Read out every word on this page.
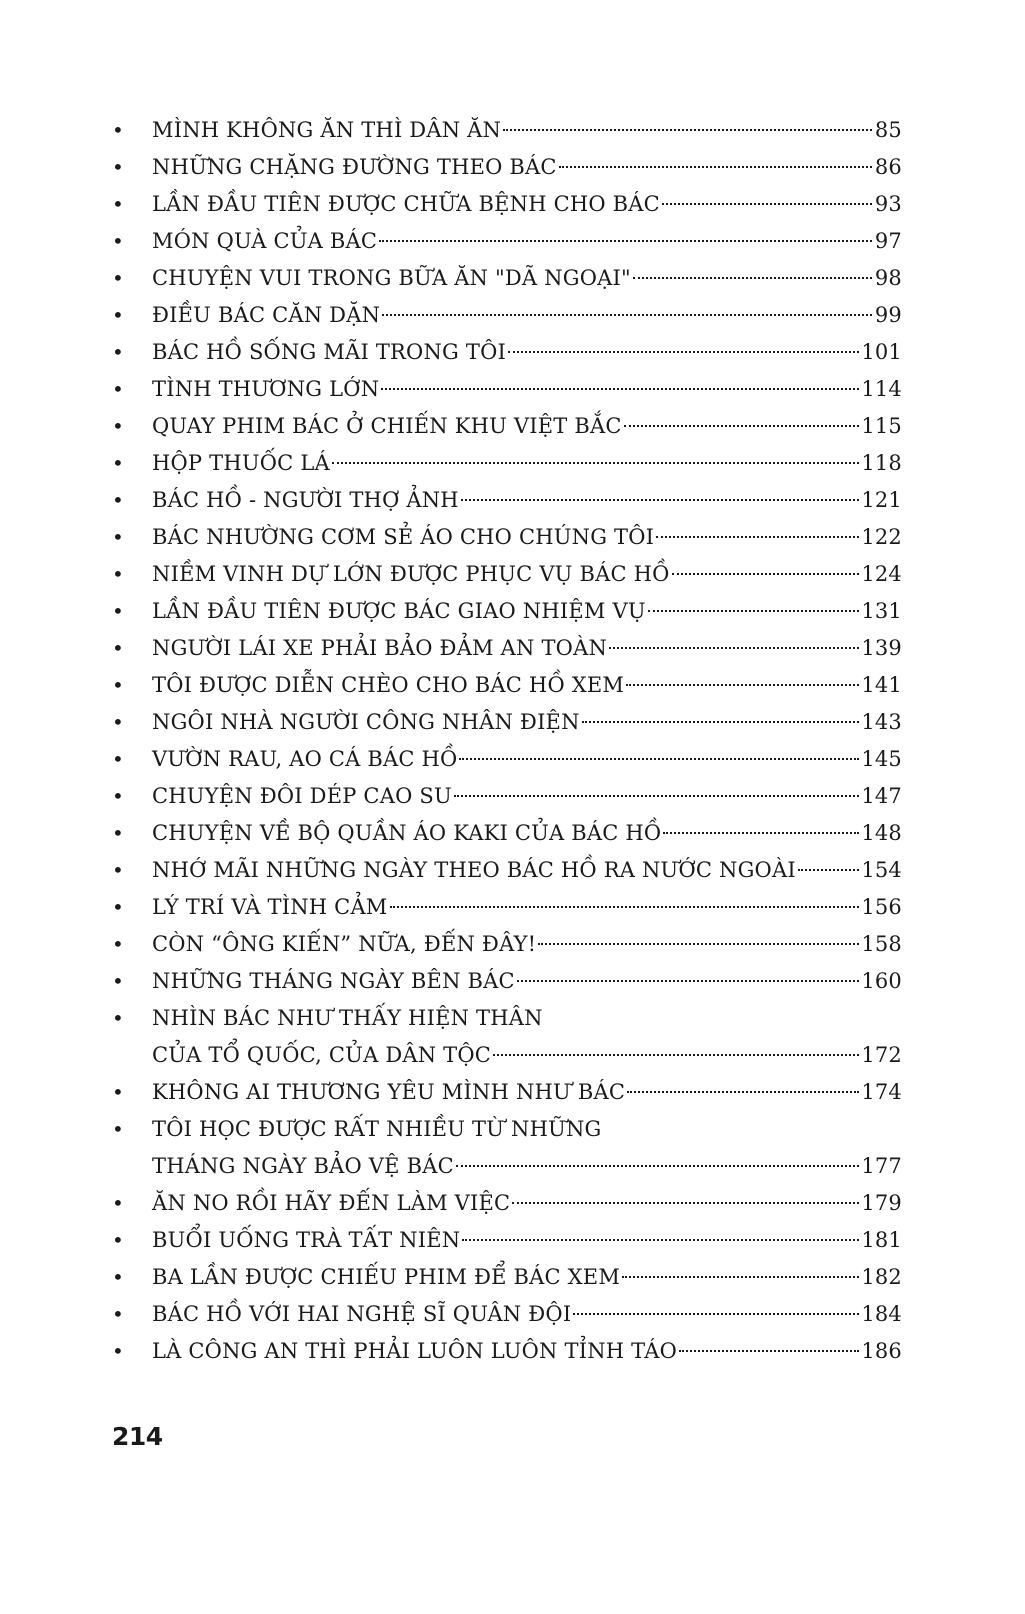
•	MÌNH KHÔNG ĂN THÌ DÂN ĂN	85
•	NHỮNG CHẶNG ĐƯỜNG THEO BÁC	86
•	LẦN ĐẦU TIÊN ĐƯỢC CHỮA BỆNH CHO BÁC	93
•	MÓN QUÀ CỦA BÁC	97
•	CHUYỆN VUI TRONG BỮA ĂN "DÃ NGOẠI"	98
•	ĐIỀU BÁC CĂN DẶN	99
•	BÁC HỒ SỐNG MÃI TRONG TÔI	101
•	TÌNH THƯƠNG LỚN	114
•	QUAY PHIM BÁC Ở CHIẾN KHU VIỆT BẮC	115
•	HỘP THUỐC LÁ	118
•	BÁC HỒ - NGƯỜI THỢ ẢNH	121
•	BÁC NHƯỜNG CƠM SẺ ÁO CHO CHÚNG TÔI	122
•	NIỀM VINH DỰ LỚN ĐƯỢC PHỤC VỤ BÁC HỒ	124
•	LẦN ĐẦU TIÊN ĐƯỢC BÁC GIAO NHIỆM VỤ	131
•	NGƯỜI LÁI XE PHẢI BẢO ĐẢM AN TOÀN	139
•	TÔI ĐƯỢC DIỄN CHÈO CHO BÁC HỒ XEM	141
•	NGÔI NHÀ NGƯỜI CÔNG NHÂN ĐIỆN	143
•	VƯỜN RAU, AO CÁ BÁC HỒ	145
•	CHUYỆN ĐÔI DÉP CAO SU	147
•	CHUYỆN VỀ BỘ QUẦN ÁO KAKI CỦA BÁC HỒ	148
•	NHỚ MÃI NHỮNG NGÀY THEO BÁC HỒ RA NƯỚC NGOÀI	154
•	LÝ TRÍ VÀ TÌNH CẢM	156
•	CÒN “ÔNG KIẾN” NỮA, ĐẾN ĐÂY!	158
•	NHỮNG THÁNG NGÀY BÊN BÁC	160
•	NHÌN BÁC NHƯ THẤY HIỆN THÂN
CỦA TỔ QUỐC, CỦA DÂN TỘC	172
•	KHÔNG AI THƯƠNG YÊU MÌNH NHƯ BÁC	174
•	TÔI HỌC ĐƯỢC RẤT NHIỀU TỪ NHỮNG
THÁNG NGÀY BẢO VỆ BÁC	177
•	ĂN NO RỒI HÃY ĐẾN LÀM VIỆC	179
•	BUỔI UỐNG TRÀ TẤT NIÊN	181
•	BA LẦN ĐƯỢC CHIẾU PHIM ĐỂ BÁC XEM	182
•	BÁC HỒ VỚI HAI NGHỆ SĨ QUÂN ĐỘI	184
•	LÀ CÔNG AN THÌ PHẢI LUÔN LUÔN TỈNH TÁO	186
214
